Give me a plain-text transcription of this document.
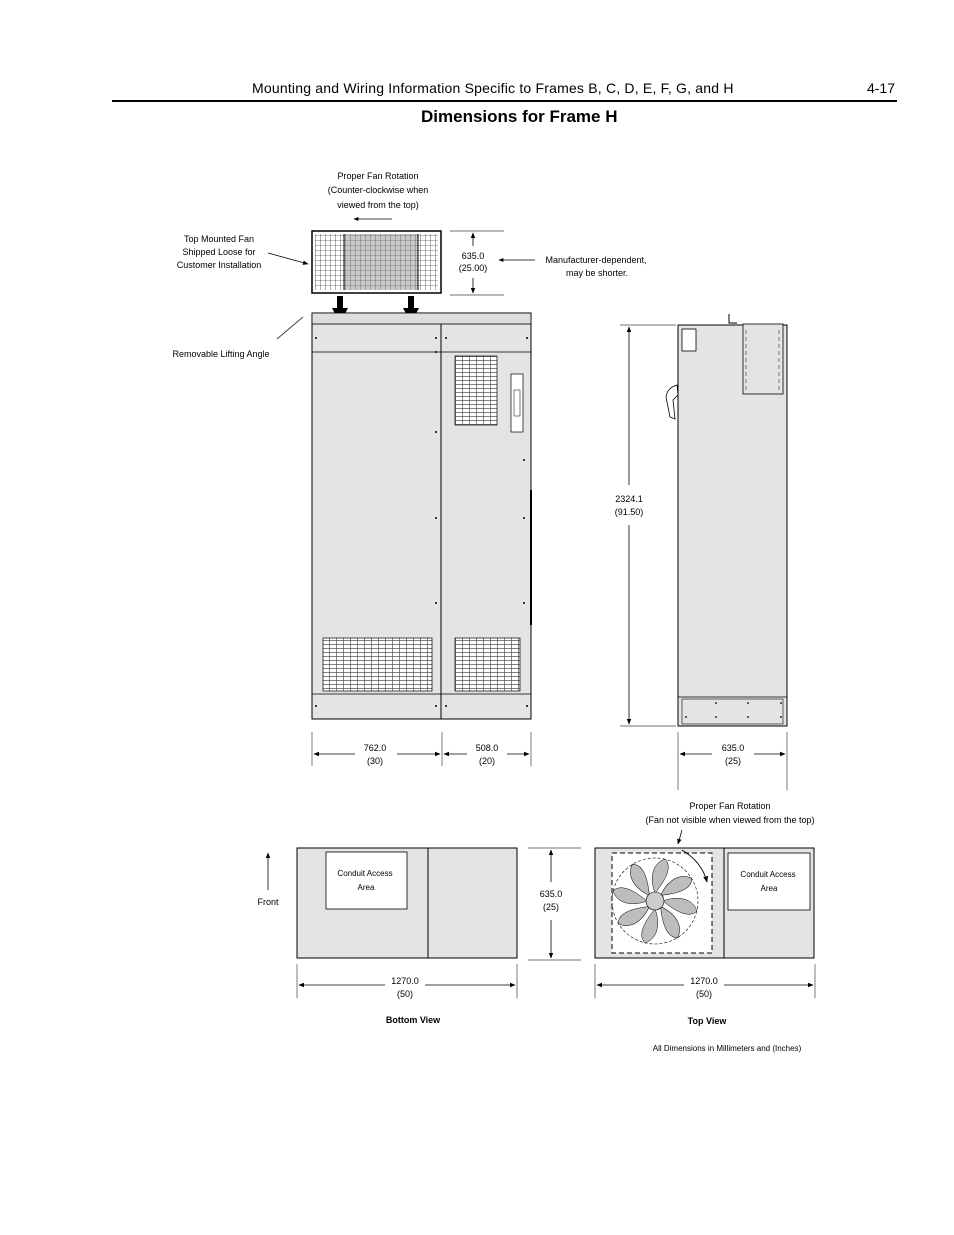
Mounting and Wiring Information Specific to Frames B, C, D, E, F, G, and H	4-17
Dimensions for Frame H
Proper Fan Rotation
(Counter-clockwise when
viewed from the top)
Top Mounted Fan
Shipped Loose for
Customer Installation
635.0
(25.00)
Manufacturer-dependent,
may be shorter.
Removable Lifting Angle
762.0
(30)
508.0
(20)
2324.1
(91.50)
635.0
(25)
Conduit Access
Area
Front
1270.0
(50)
Bottom View
635.0
(25)
Conduit Access
Area
Proper Fan Rotation
(Fan not visible when viewed from the top)
1270.0
(50)
Top View
All Dimensions in Millimeters and (Inches)
